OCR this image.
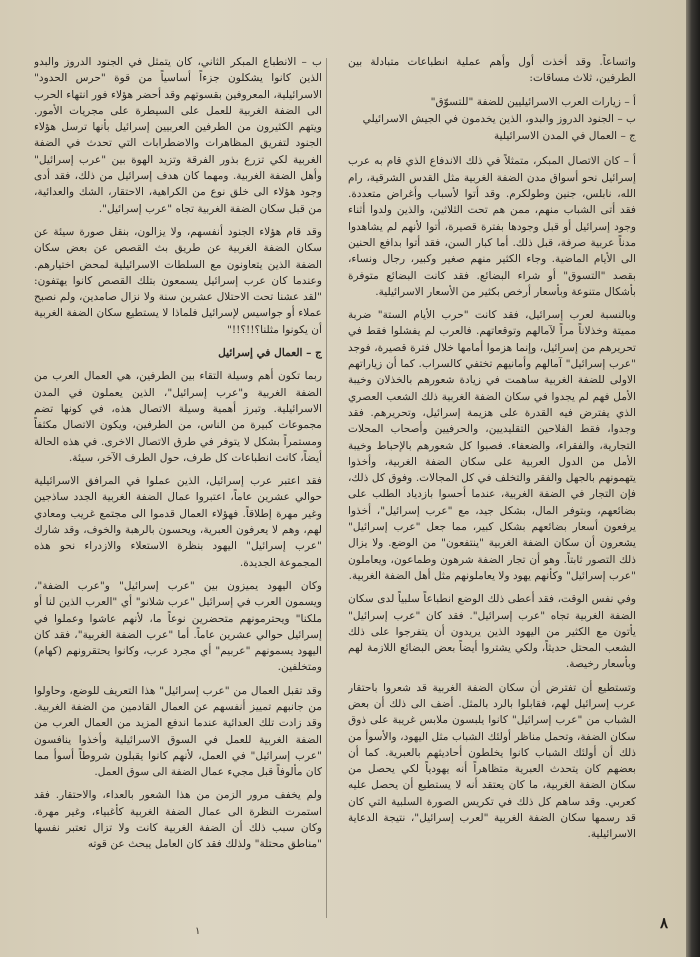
واتساعاً. وقد أخذت أول وأهم عملية انطباعات متبادلة بين الطرفين، ثلاث مساقات:

أ – زيارات العرب الاسرائيليين للضفة "للتسوّق"

ب – الجنود الدروز والبدو، الذين يخدمون في الجيش الاسرائيلي

ج – العمال في المدن الاسرائيلية

أ – كان الاتصال المبكر، متمثلاً في ذلك الاندفاع الذي قام به عرب إسرائيل نحو أسواق مدن الضفة الغربية مثل القدس الشرقية، رام الله، نابلس، جنين وطولكرم. وقد أتوا لأسباب وأغراض متعددة. فقد أتى الشباب منهم، ممن هم تحت الثلاثين، والذين ولدوا أثناء وجود إسرائيل أو قبل وجودها بفترة قصيرة، أتوا لأنهم لم يشاهدوا مدناً عربية صرفة، قبل ذلك. أما كبار السن، فقد أتوا بدافع الحنين الى الأيام الماضية. وجاء الكثير منهم صغير وكبير، رجال ونساء، بقصد "التسوق" أو شراء البضائع. فقد كانت البضائع متوفرة بأشكال متنوعة وبأسعار أرخص بكثير من الأسعار الاسرائيلية.

وبالنسبة لعرب إسرائيل، فقد كانت "حرب الأيام الستة" ضربة مميتة وخذلاناً مراً لآمالهم وتوقعاتهم. فالعرب لم يفشلوا فقط في تحريرهم من إسرائيل، وإنما هزموا أمامها خلال فترة قصيرة، فوجد "عرب إسرائيل" آمالهم وأمانيهم تختفي كالسراب. كما أن زياراتهم الاولى للضفة الغربية ساهمت في زيادة شعورهم بالخذلان وخيبة الأمل فهم لم يجدوا في سكان الضفة الغربية ذلك الشعب العصري الذي يفترض فيه القدرة على هزيمة إسرائيل، وتحريرهم. فقد وجدوا، فقط الفلاحين التقليديين، والحرفيين وأصحاب المحلات التجارية، والفقراء، والضعفاء. فصبوا كل شعورهم بالإحباط وخيبة الأمل من الدول العربية على سكان الضفة الغربية، وأخذوا يتهمونهم بالجهل والفقر والتخلف في كل المجالات. وفوق كل ذلك، فإن التجار في الضفة الغربية، عندما أحسوا بازدياد الطلب على بضائعهم، وبتوفر المال، بشكل جيد، مع "عرب إسرائيل"، أخذوا يرفعون أسعار بضائعهم بشكل كبير، مما جعل "عرب إسرائيل" يشعرون أن سكان الضفة الغربية "ينتفعون" من الوضع. ولا يزال ذلك التصور ثابتاً. وهو أن تجار الضفة شرهون وطماعون، ويعاملون "عرب إسرائيل" وكأنهم يهود ولا يعاملونهم مثل أهل الضفة الغربية.

وفي نفس الوقت، فقد أعطى ذلك الوضع انطباعاً سلبياً لدى سكان الضفة الغربية تجاه "عرب إسرائيل". فقد كان "عرب إسرائيل" يأتون مع الكثير من اليهود الذين يريدون أن يتفرجوا على ذلك الشعب المحتل حديثاً، ولكي يشتروا أيضاً بعض البضائع اللازمة لهم وبأسعار رخيصة.

وتستطيع أن تفترض أن سكان الضفة الغربية قد شعروا باحتقار عرب إسرائيل لهم، فقابلوا بالرد بالمثل. أضف الى ذلك أن بعض الشباب من "عرب إسرائيل" كانوا يلبسون ملابس غريبة على ذوق سكان الضفة، وتحمل مناظر أولئك الشباب مثل اليهود، والأسوأ من ذلك أن أولئك الشباب كانوا يخلطون أحاديثهم بالعبرية. كما أن بعضهم كان يتحدث العبرية متظاهراً أنه يهودياً لكي يحصل من سكان الضفة الغربية، ما كان يعتقد أنه لا يستطيع أن يحصل عليه كعربي. وقد ساهم كل ذلك في تكريس الصورة السلبية التي كان قد رسمها سكان الضفة الغربية "لعرب إسرائيل"، نتيجة الدعاية الاسرائيلية.

ب – الانطباع المبكر الثاني، كان يتمثل في الجنود الدروز والبدو الذين كانوا يشكلون جزءاً أساسياً من قوة "حرس الحدود" الاسرائيلية، المعروفين بقسوتهم وقد أحضر هؤلاء فور انتهاء الحرب الى الضفة الغربية للعمل على السيطرة على مجريات الأمور. ويتهم الكثيرون من الطرفين العربيين إسرائيل بأنها ترسل هؤلاء الجنود لتفريق المظاهرات والاضطرابات التي تحدث في الضفة الغربية لكي تزرع بذور الفرقة وتزيد الهوة بين "عرب إسرائيل" وأهل الضفة الغربية. ومهما كان هدف إسرائيل من ذلك، فقد أدى وجود هؤلاء الى خلق نوع من الكراهية، الاحتقار، الشك والعدائية، من قبل سكان الضفة الغربية تجاه "عرب إسرائيل".

وقد قام هؤلاء الجنود أنفسهم، ولا يزالون، بنقل صورة سيئة عن سكان الضفة الغربية عن طريق بث القصص عن بعض سكان الضفة الذين يتعاونون مع السلطات الاسرائيلية لمحض اختيارهم. وعندما كان عرب إسرائيل يسمعون بتلك القصص كانوا يهتفون: "لقد عشنا تحت الاحتلال عشرين سنة ولا نزال صامدين، ولم نصبح عملاء أو جواسيس لإسرائيل فلماذا لا يستطيع سكان الضفة الغربية أن يكونوا مثلنا؟!!؟!!"

ج – العمال في إسرائيل

ربما تكون أهم وسيلة التقاء بين الطرفين، هي العمال العرب من الضفة الغربية و"عرب إسرائيل"، الذين يعملون في المدن الاسرائيلية. وتبرز أهمية وسيلة الاتصال هذه، في كونها تضم مجموعات كبيرة من الناس، من الطرفين، ويكون الاتصال مكثفاً ومستمراً بشكل لا يتوفر في طرق الاتصال الاخرى. في هذه الحالة أيضاً، كانت انطباعات كل طرف، حول الطرف الآخر، سيئة.

فقد اعتبر عرب إسرائيل، الذين عملوا في المرافق الاسرائيلية حوالي عشرين عاماً، اعتبروا عمال الضفة الغربية الجدد ساذجين وغير مهرة إطلاقاً. فهؤلاء العمال قدموا الى مجتمع غريب ومعادي لهم، وهم لا يعرفون العبرية، ويحسون بالرهبة والخوف، وقد شارك "عرب إسرائيل" اليهود بنظرة الاستعلاء والازدراء نحو هذه المجموعة الجديدة.

وكان اليهود يميزون بين "عرب إسرائيل" و"عرب الضفة"، ويسمون العرب في إسرائيل "عرب شلانو" أي "العرب الذين لنا أو ملكنا" ويحترمونهم متحضرين نوعاً ما، لأنهم عاشوا وعملوا في إسرائيل حوالي عشرين عاماً. أما "عرب الضفة الغربية"، فقد كان اليهود يسمونهم "عربيم" أي مجرد عرب، وكانوا يحتقرونهم (كهام) ومتخلفين.

وقد تقبل العمال من "عرب إسرائيل" هذا التعريف للوضع، وحاولوا من جانبهم تمييز أنفسهم عن العمال القادمين من الضفة الغربية. وقد زادت تلك العدائية عندما اندفع المزيد من العمال العرب من الضفة الغربية للعمل في السوق الاسرائيلية وأخذوا ينافسون "عرب إسرائيل" في العمل، لأنهم كانوا يقبلون شروطاً أسوأ مما كان مألوفاً قبل مجيء عمال الضفة الى سوق العمل.

ولم يخفف مرور الزمن من هذا الشعور بالعداء، والاحتقار. فقد استمرت النظرة الى عمال الضفة الغربية كأغبياء، وغير مهرة. وكان سبب ذلك أن الضفة الغربية كانت ولا تزال تعتبر نفسها "مناطق محتلة" ولذلك فقد كان العامل يبحث عن قوته

١	٨
